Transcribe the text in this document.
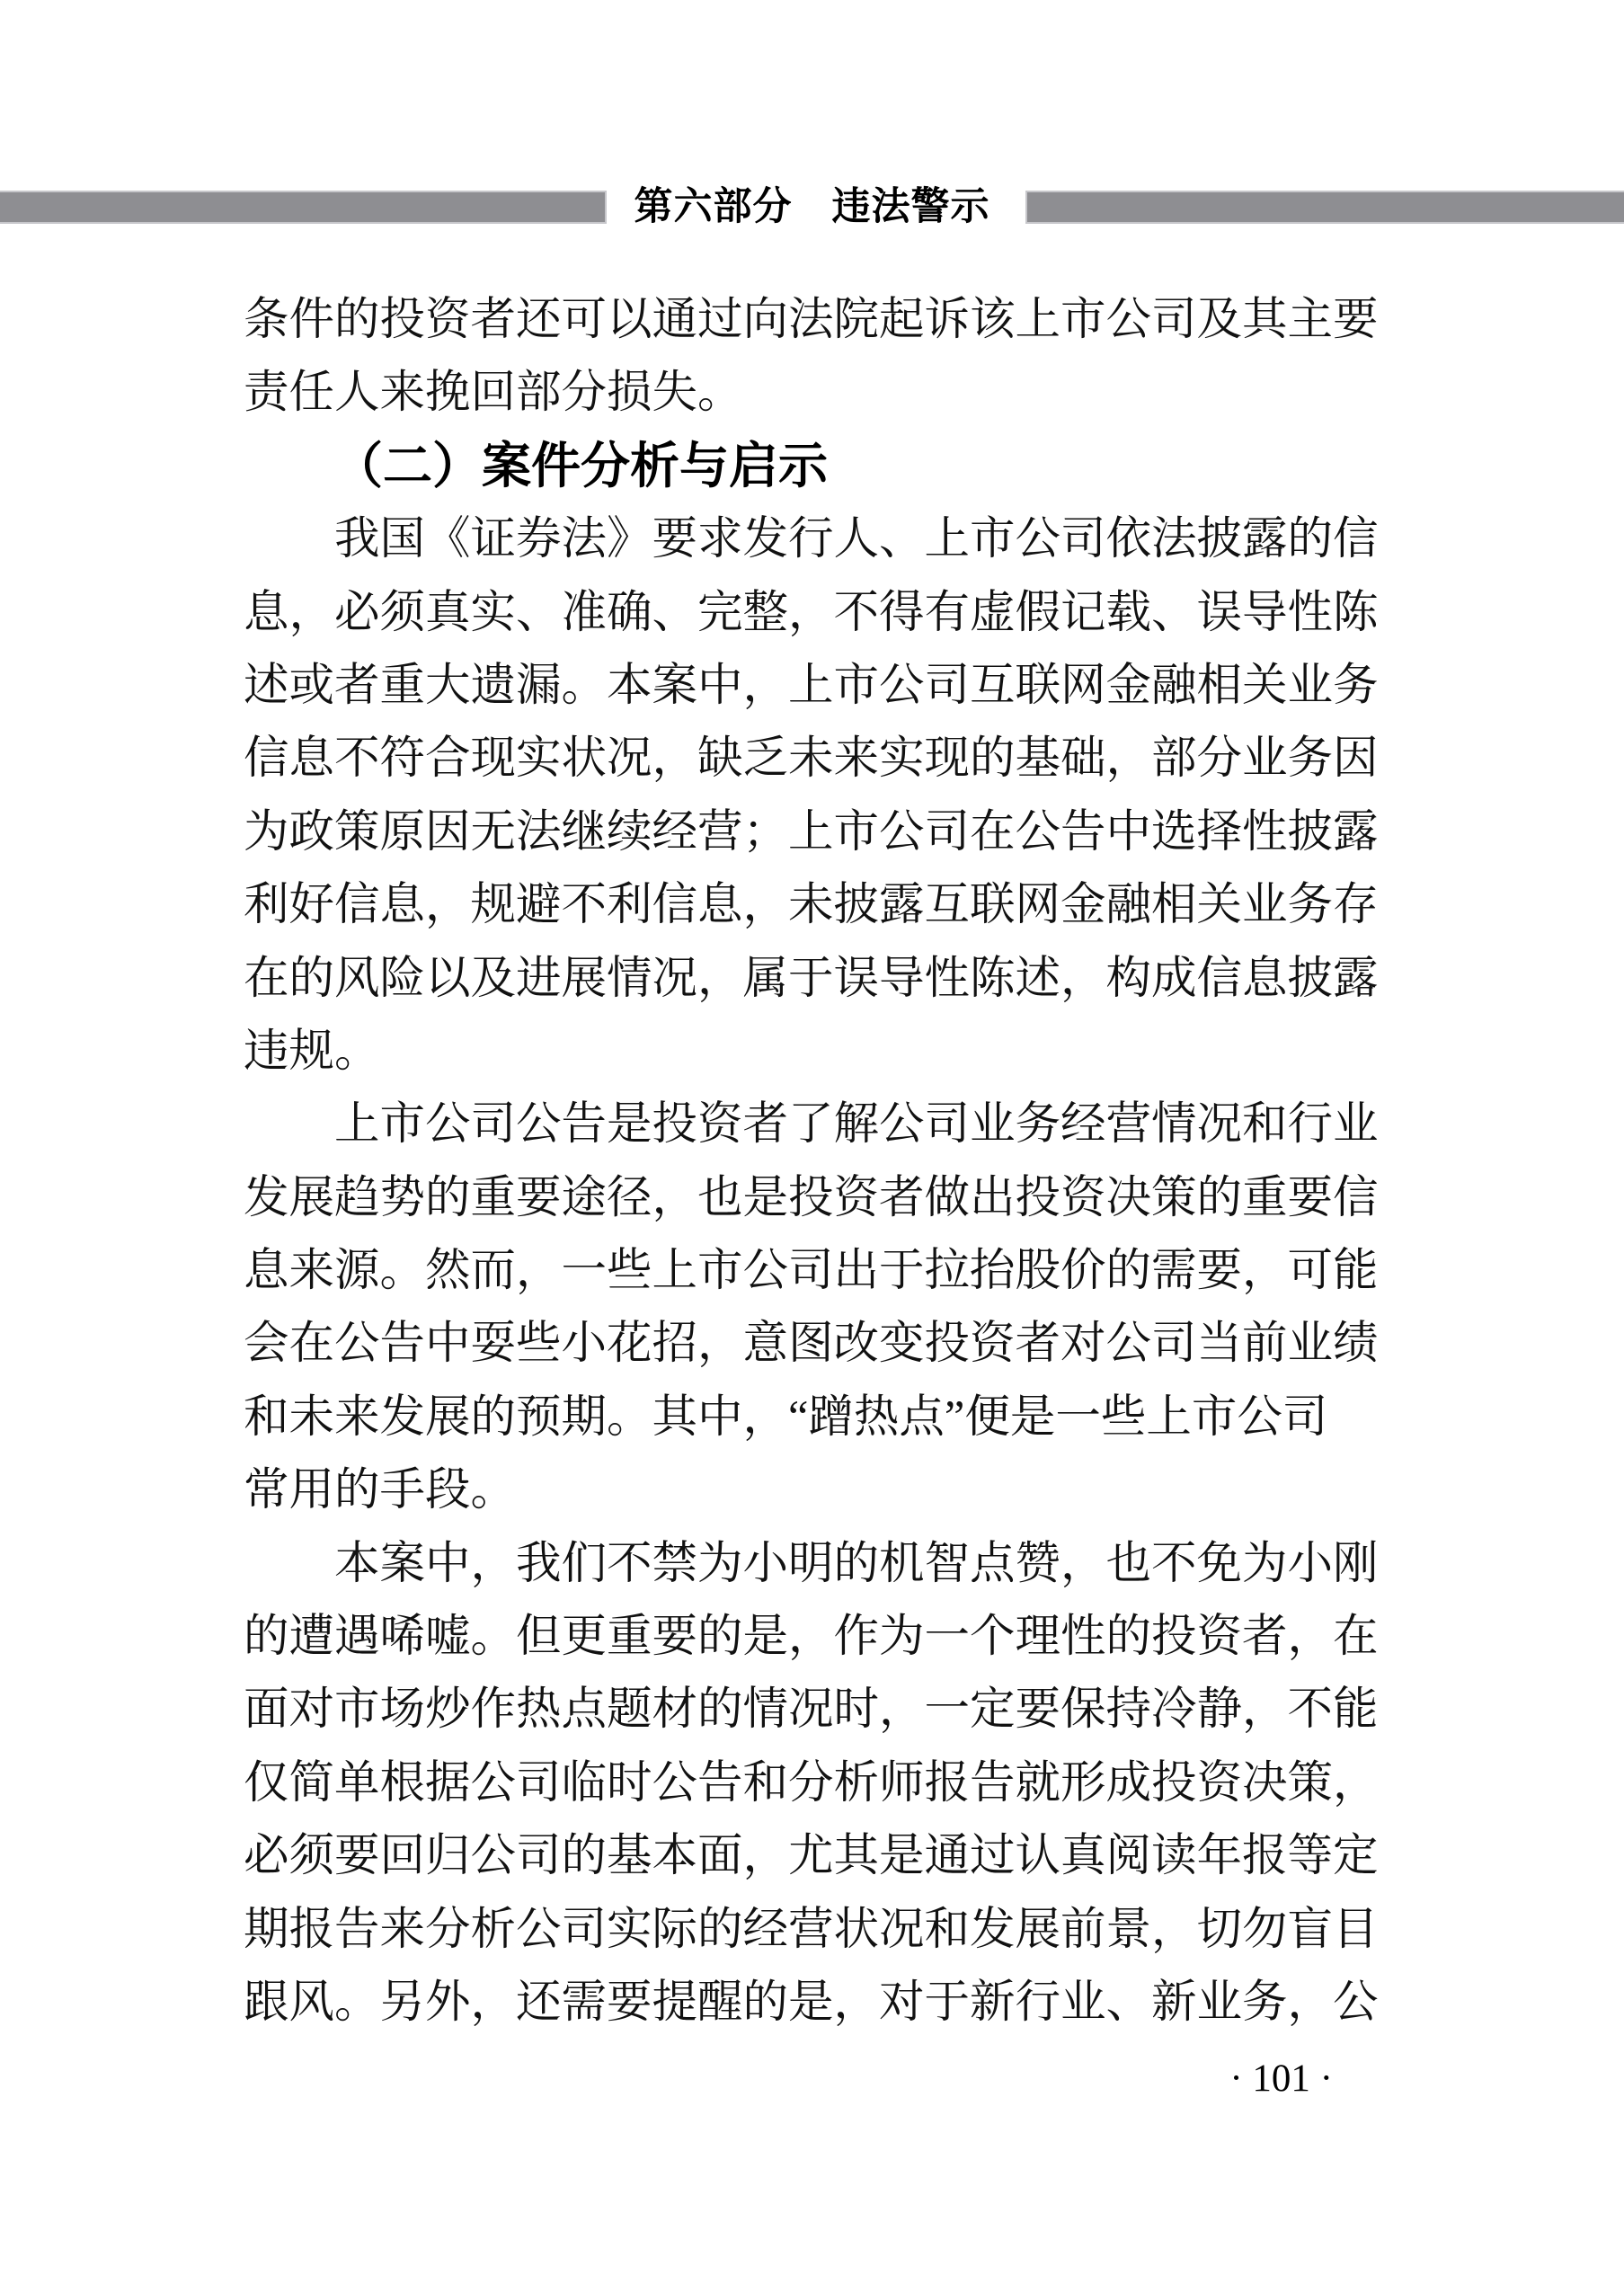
第六部分　违法警示
条件的投资者还可以通过向法院起诉该上市公司及其主要
责任人来挽回部分损失。
（二）案件分析与启示
我国《证券法》要求发行人、上市公司依法披露的信
息，必须真实、准确、完整，不得有虚假记载、误导性陈
述或者重大遗漏。本案中，上市公司互联网金融相关业务
信息不符合现实状况，缺乏未来实现的基础，部分业务因
为政策原因无法继续经营；上市公司在公告中选择性披露
利好信息，规避不利信息，未披露互联网金融相关业务存
在的风险以及进展情况，属于误导性陈述，构成信息披露
违规。
上市公司公告是投资者了解公司业务经营情况和行业
发展趋势的重要途径，也是投资者做出投资决策的重要信
息来源。然而，一些上市公司出于拉抬股价的需要，可能
会在公告中耍些小花招，意图改变投资者对公司当前业绩
和未来发展的预期。其中，“蹭热点”便是一些上市公司
常用的手段。
本案中，我们不禁为小明的机智点赞，也不免为小刚
的遭遇唏嘘。但更重要的是，作为一个理性的投资者，在
面对市场炒作热点题材的情况时，一定要保持冷静，不能
仅简单根据公司临时公告和分析师报告就形成投资决策，
必须要回归公司的基本面，尤其是通过认真阅读年报等定
期报告来分析公司实际的经营状况和发展前景，切勿盲目
跟风。另外，还需要提醒的是，对于新行业、新业务，公
· 101 ·
